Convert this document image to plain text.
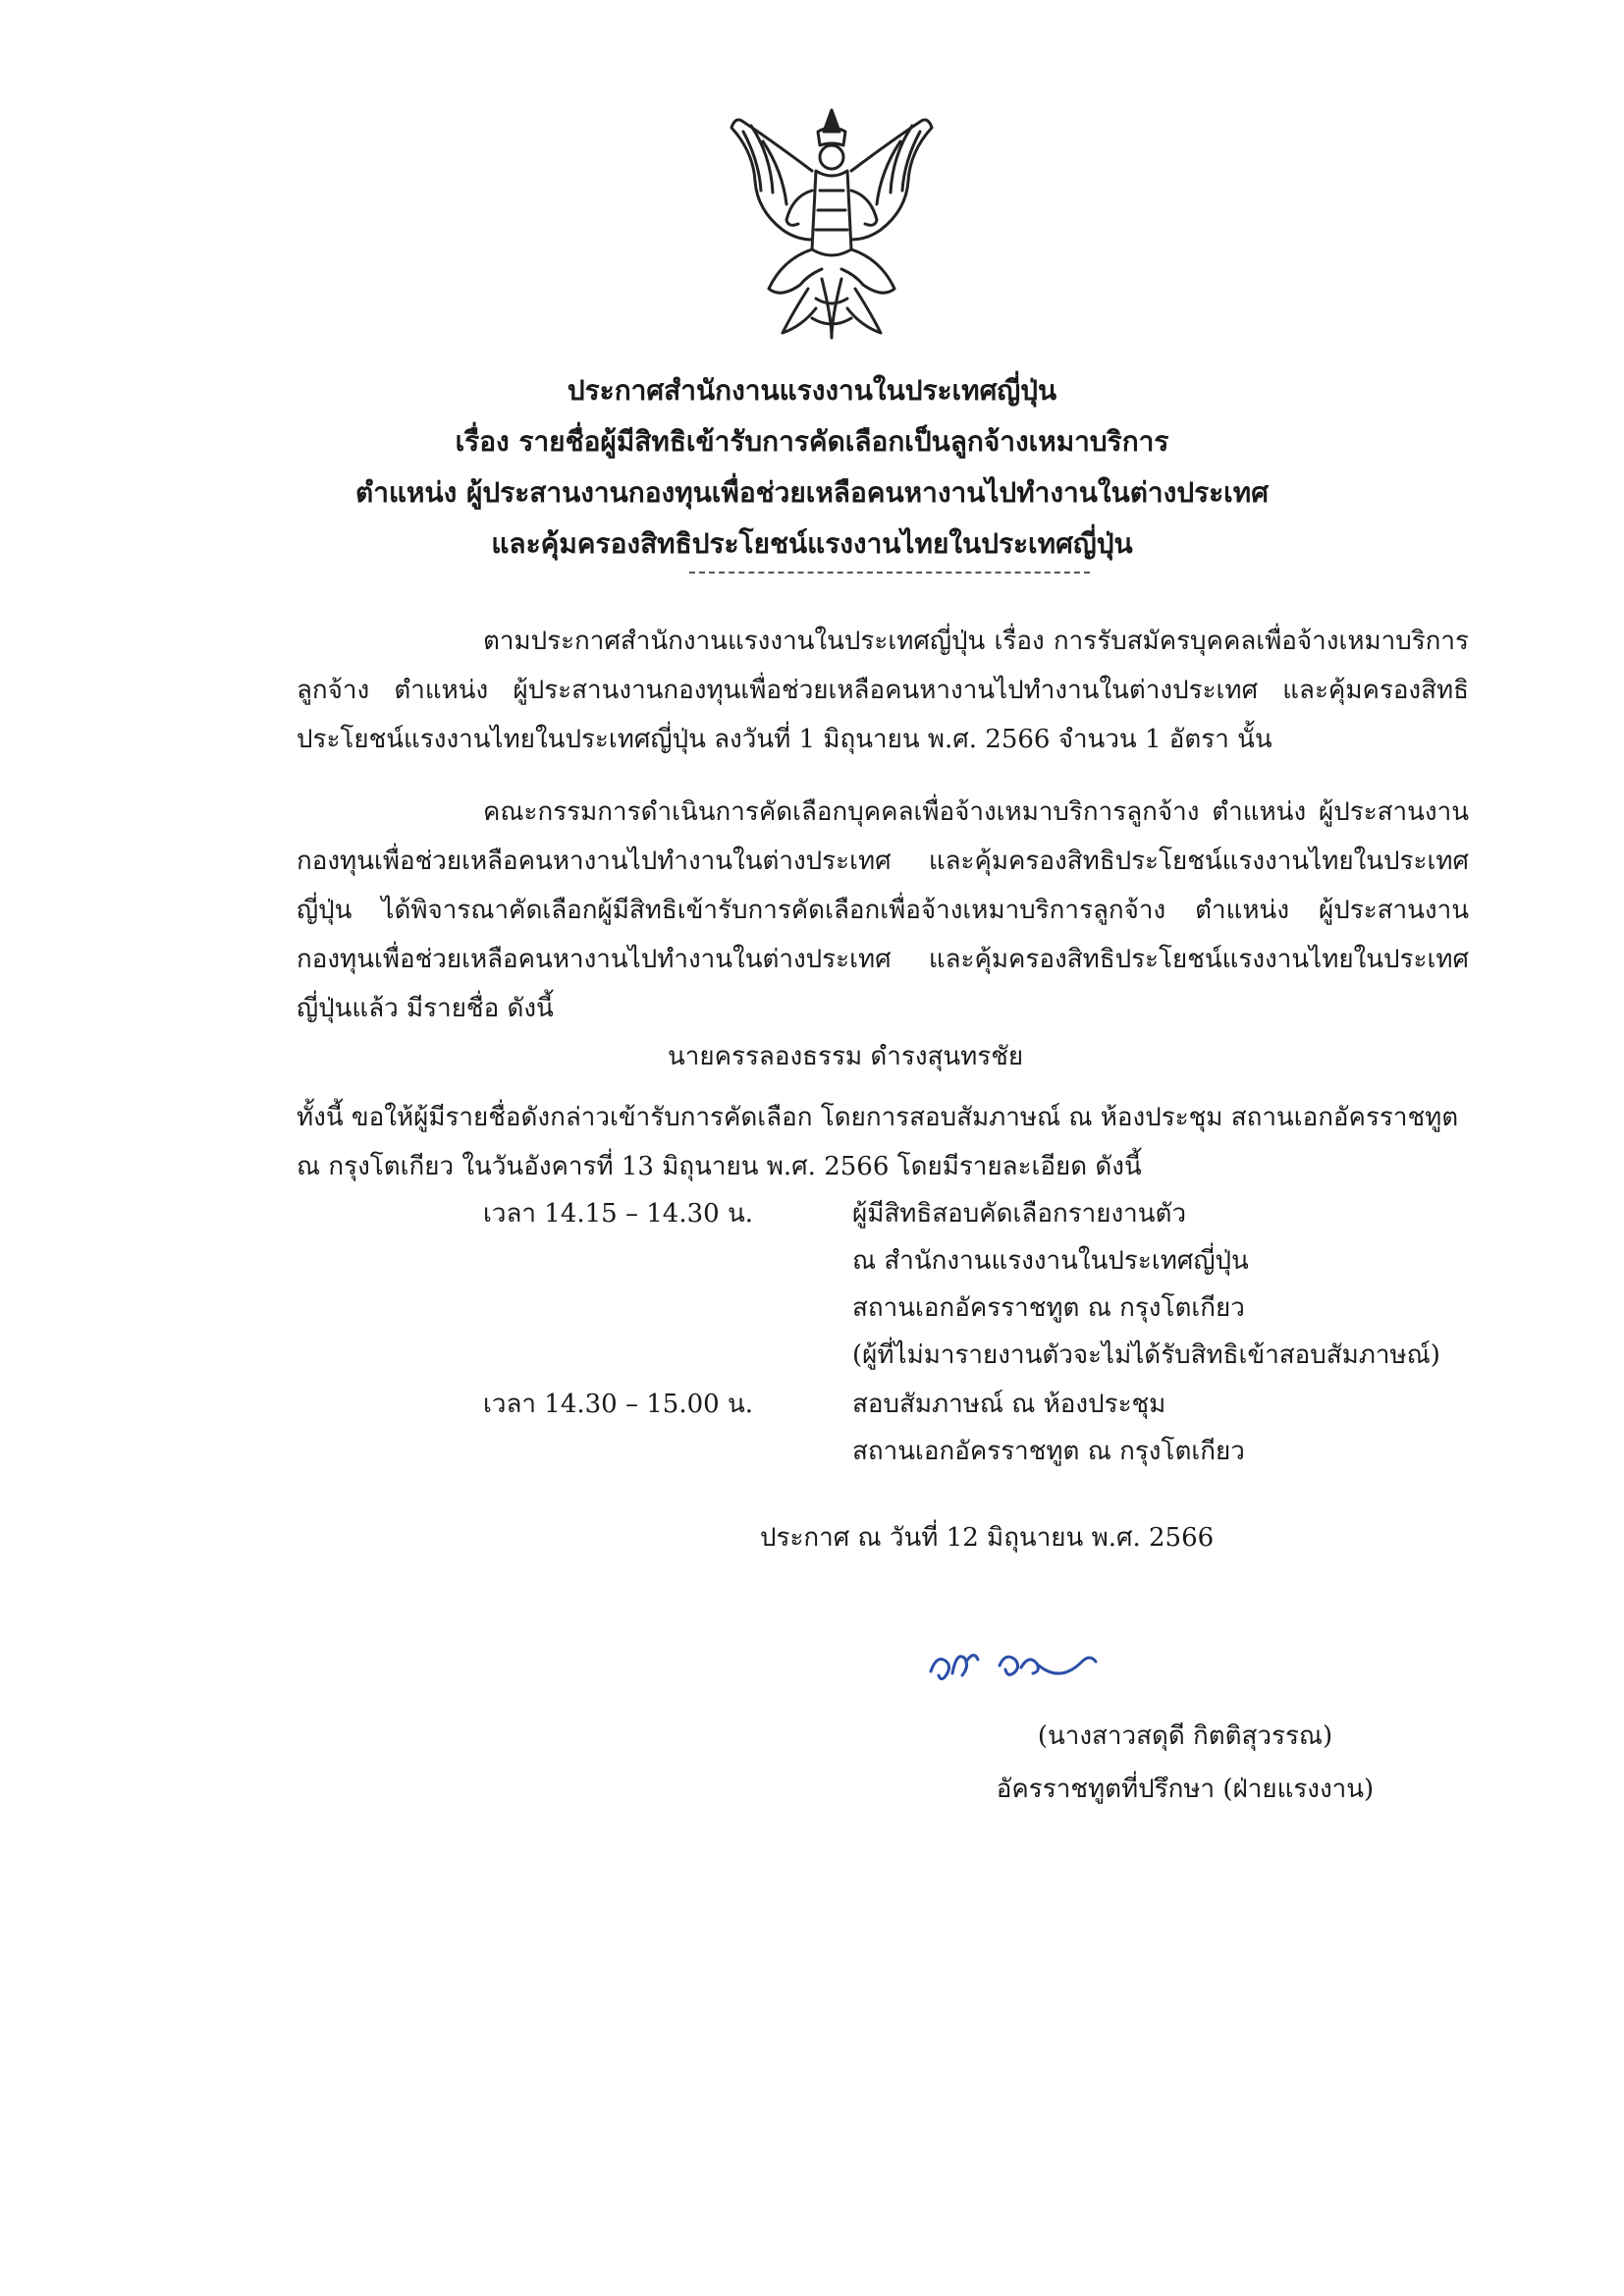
ประกาศสำนักงานแรงงานในประเทศญี่ปุ่น
เรื่อง รายชื่อผู้มีสิทธิเข้ารับการคัดเลือกเป็นลูกจ้างเหมาบริการ
ตำแหน่ง ผู้ประสานงานกองทุนเพื่อช่วยเหลือคนหางานไปทำงานในต่างประเทศ
และคุ้มครองสิทธิประโยชน์แรงงานไทยในประเทศญี่ปุ่น
ตามประกาศสำนักงานแรงงานในประเทศญี่ปุ่น เรื่อง การรับสมัครบุคคลเพื่อจ้างเหมาบริการลูกจ้าง ตำแหน่ง ผู้ประสานงานกองทุนเพื่อช่วยเหลือคนหางานไปทำงานในต่างประเทศ และคุ้มครองสิทธิประโยชน์แรงงานไทยในประเทศญี่ปุ่น ลงวันที่ 1 มิถุนายน พ.ศ. 2566 จำนวน 1 อัตรา นั้น
คณะกรรมการดำเนินการคัดเลือกบุคคลเพื่อจ้างเหมาบริการลูกจ้าง ตำแหน่ง ผู้ประสานงานกองทุนเพื่อช่วยเหลือคนหางานไปทำงานในต่างประเทศ และคุ้มครองสิทธิประโยชน์แรงงานไทยในประเทศญี่ปุ่น ได้พิจารณาคัดเลือกผู้มีสิทธิเข้ารับการคัดเลือกเพื่อจ้างเหมาบริการลูกจ้าง ตำแหน่ง ผู้ประสานงานกองทุนเพื่อช่วยเหลือคนหางานไปทำงานในต่างประเทศ และคุ้มครองสิทธิประโยชน์แรงงานไทยในประเทศญี่ปุ่นแล้ว มีรายชื่อ ดังนี้
นายครรลองธรรม ดำรงสุนทรชัย
ทั้งนี้ ขอให้ผู้มีรายชื่อดังกล่าวเข้ารับการคัดเลือก โดยการสอบสัมภาษณ์ ณ ห้องประชุม สถานเอกอัครราชทูต
ณ กรุงโตเกียว ในวันอังคารที่ 13 มิถุนายน พ.ศ. 2566 โดยมีรายละเอียด ดังนี้
เวลา 14.15 – 14.30 น.	ผู้มีสิทธิสอบคัดเลือกรายงานตัว
ณ สำนักงานแรงงานในประเทศญี่ปุ่น
สถานเอกอัครราชทูต ณ กรุงโตเกียว
(ผู้ที่ไม่มารายงานตัวจะไม่ได้รับสิทธิเข้าสอบสัมภาษณ์)
เวลา 14.30 – 15.00 น.	สอบสัมภาษณ์ ณ ห้องประชุม
สถานเอกอัครราชทูต ณ กรุงโตเกียว
ประกาศ ณ วันที่ 12 มิถุนายน พ.ศ. 2566
(นางสาวสดุดี กิตติสุวรรณ)
อัครราชทูตที่ปรึกษา (ฝ่ายแรงงาน)
